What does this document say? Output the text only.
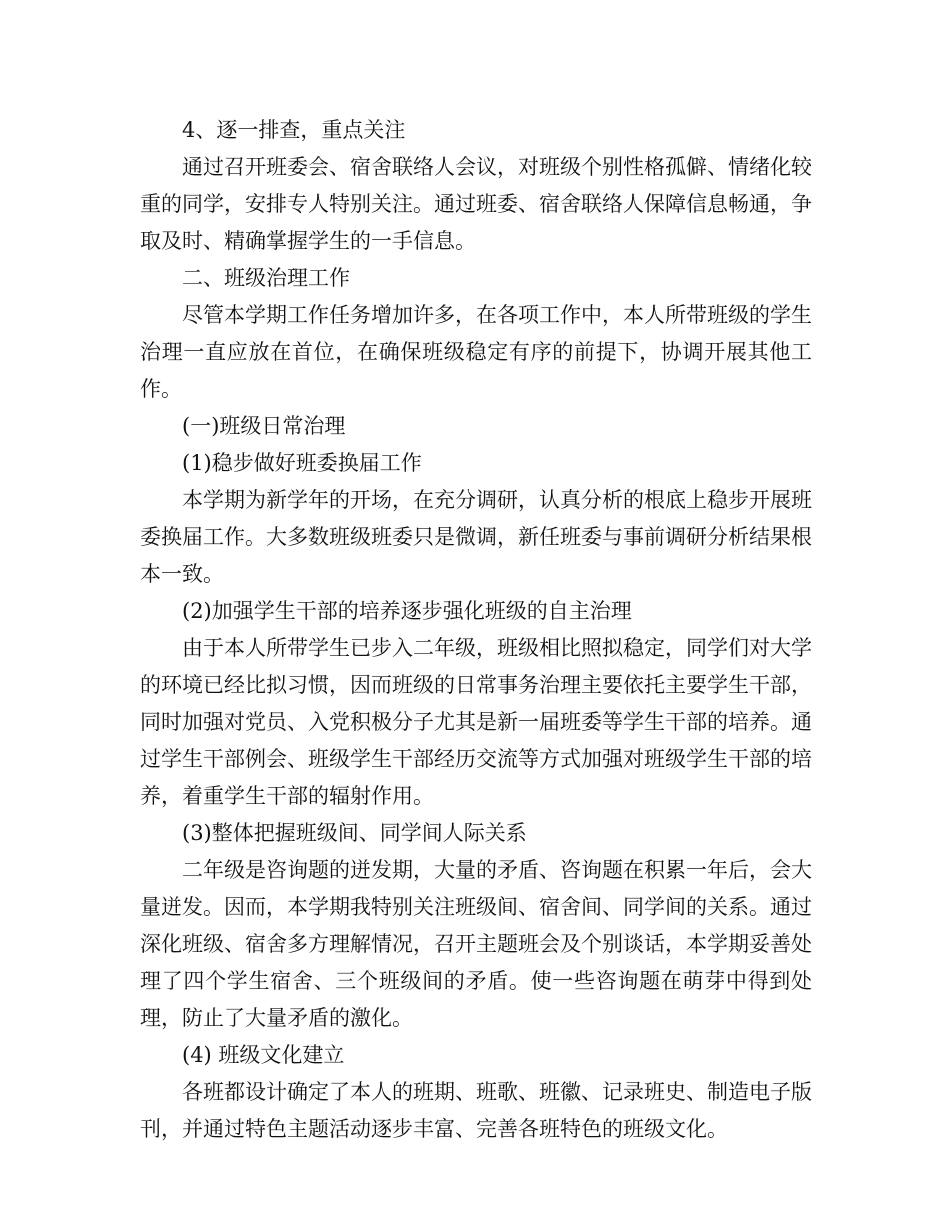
4、逐一排查，重点关注

通过召开班委会、宿舍联络人会议，对班级个别性格孤僻、情绪化较重的同学，安排专人特别关注。通过班委、宿舍联络人保障信息畅通，争取及时、精确掌握学生的一手信息。

二、班级治理工作

尽管本学期工作任务增加许多，在各项工作中，本人所带班级的学生治理一直应放在首位，在确保班级稳定有序的前提下，协调开展其他工作。

(一)班级日常治理

(1)稳步做好班委换届工作

本学期为新学年的开场，在充分调研，认真分析的根底上稳步开展班委换届工作。大多数班级班委只是微调，新任班委与事前调研分析结果根本一致。

(2)加强学生干部的培养逐步强化班级的自主治理

由于本人所带学生已步入二年级，班级相比照拟稳定，同学们对大学的环境已经比拟习惯，因而班级的日常事务治理主要依托主要学生干部，同时加强对党员、入党积极分子尤其是新一届班委等学生干部的培养。通过学生干部例会、班级学生干部经历交流等方式加强对班级学生干部的培养，着重学生干部的辐射作用。

(3)整体把握班级间、同学间人际关系

二年级是咨询题的迸发期，大量的矛盾、咨询题在积累一年后，会大量迸发。因而，本学期我特别关注班级间、宿舍间、同学间的关系。通过深化班级、宿舍多方理解情况，召开主题班会及个别谈话，本学期妥善处理了四个学生宿舍、三个班级间的矛盾。使一些咨询题在萌芽中得到处理，防止了大量矛盾的激化。

(4) 班级文化建立

各班都设计确定了本人的班期、班歌、班徽、记录班史、制造电子版刊，并通过特色主题活动逐步丰富、完善各班特色的班级文化。
